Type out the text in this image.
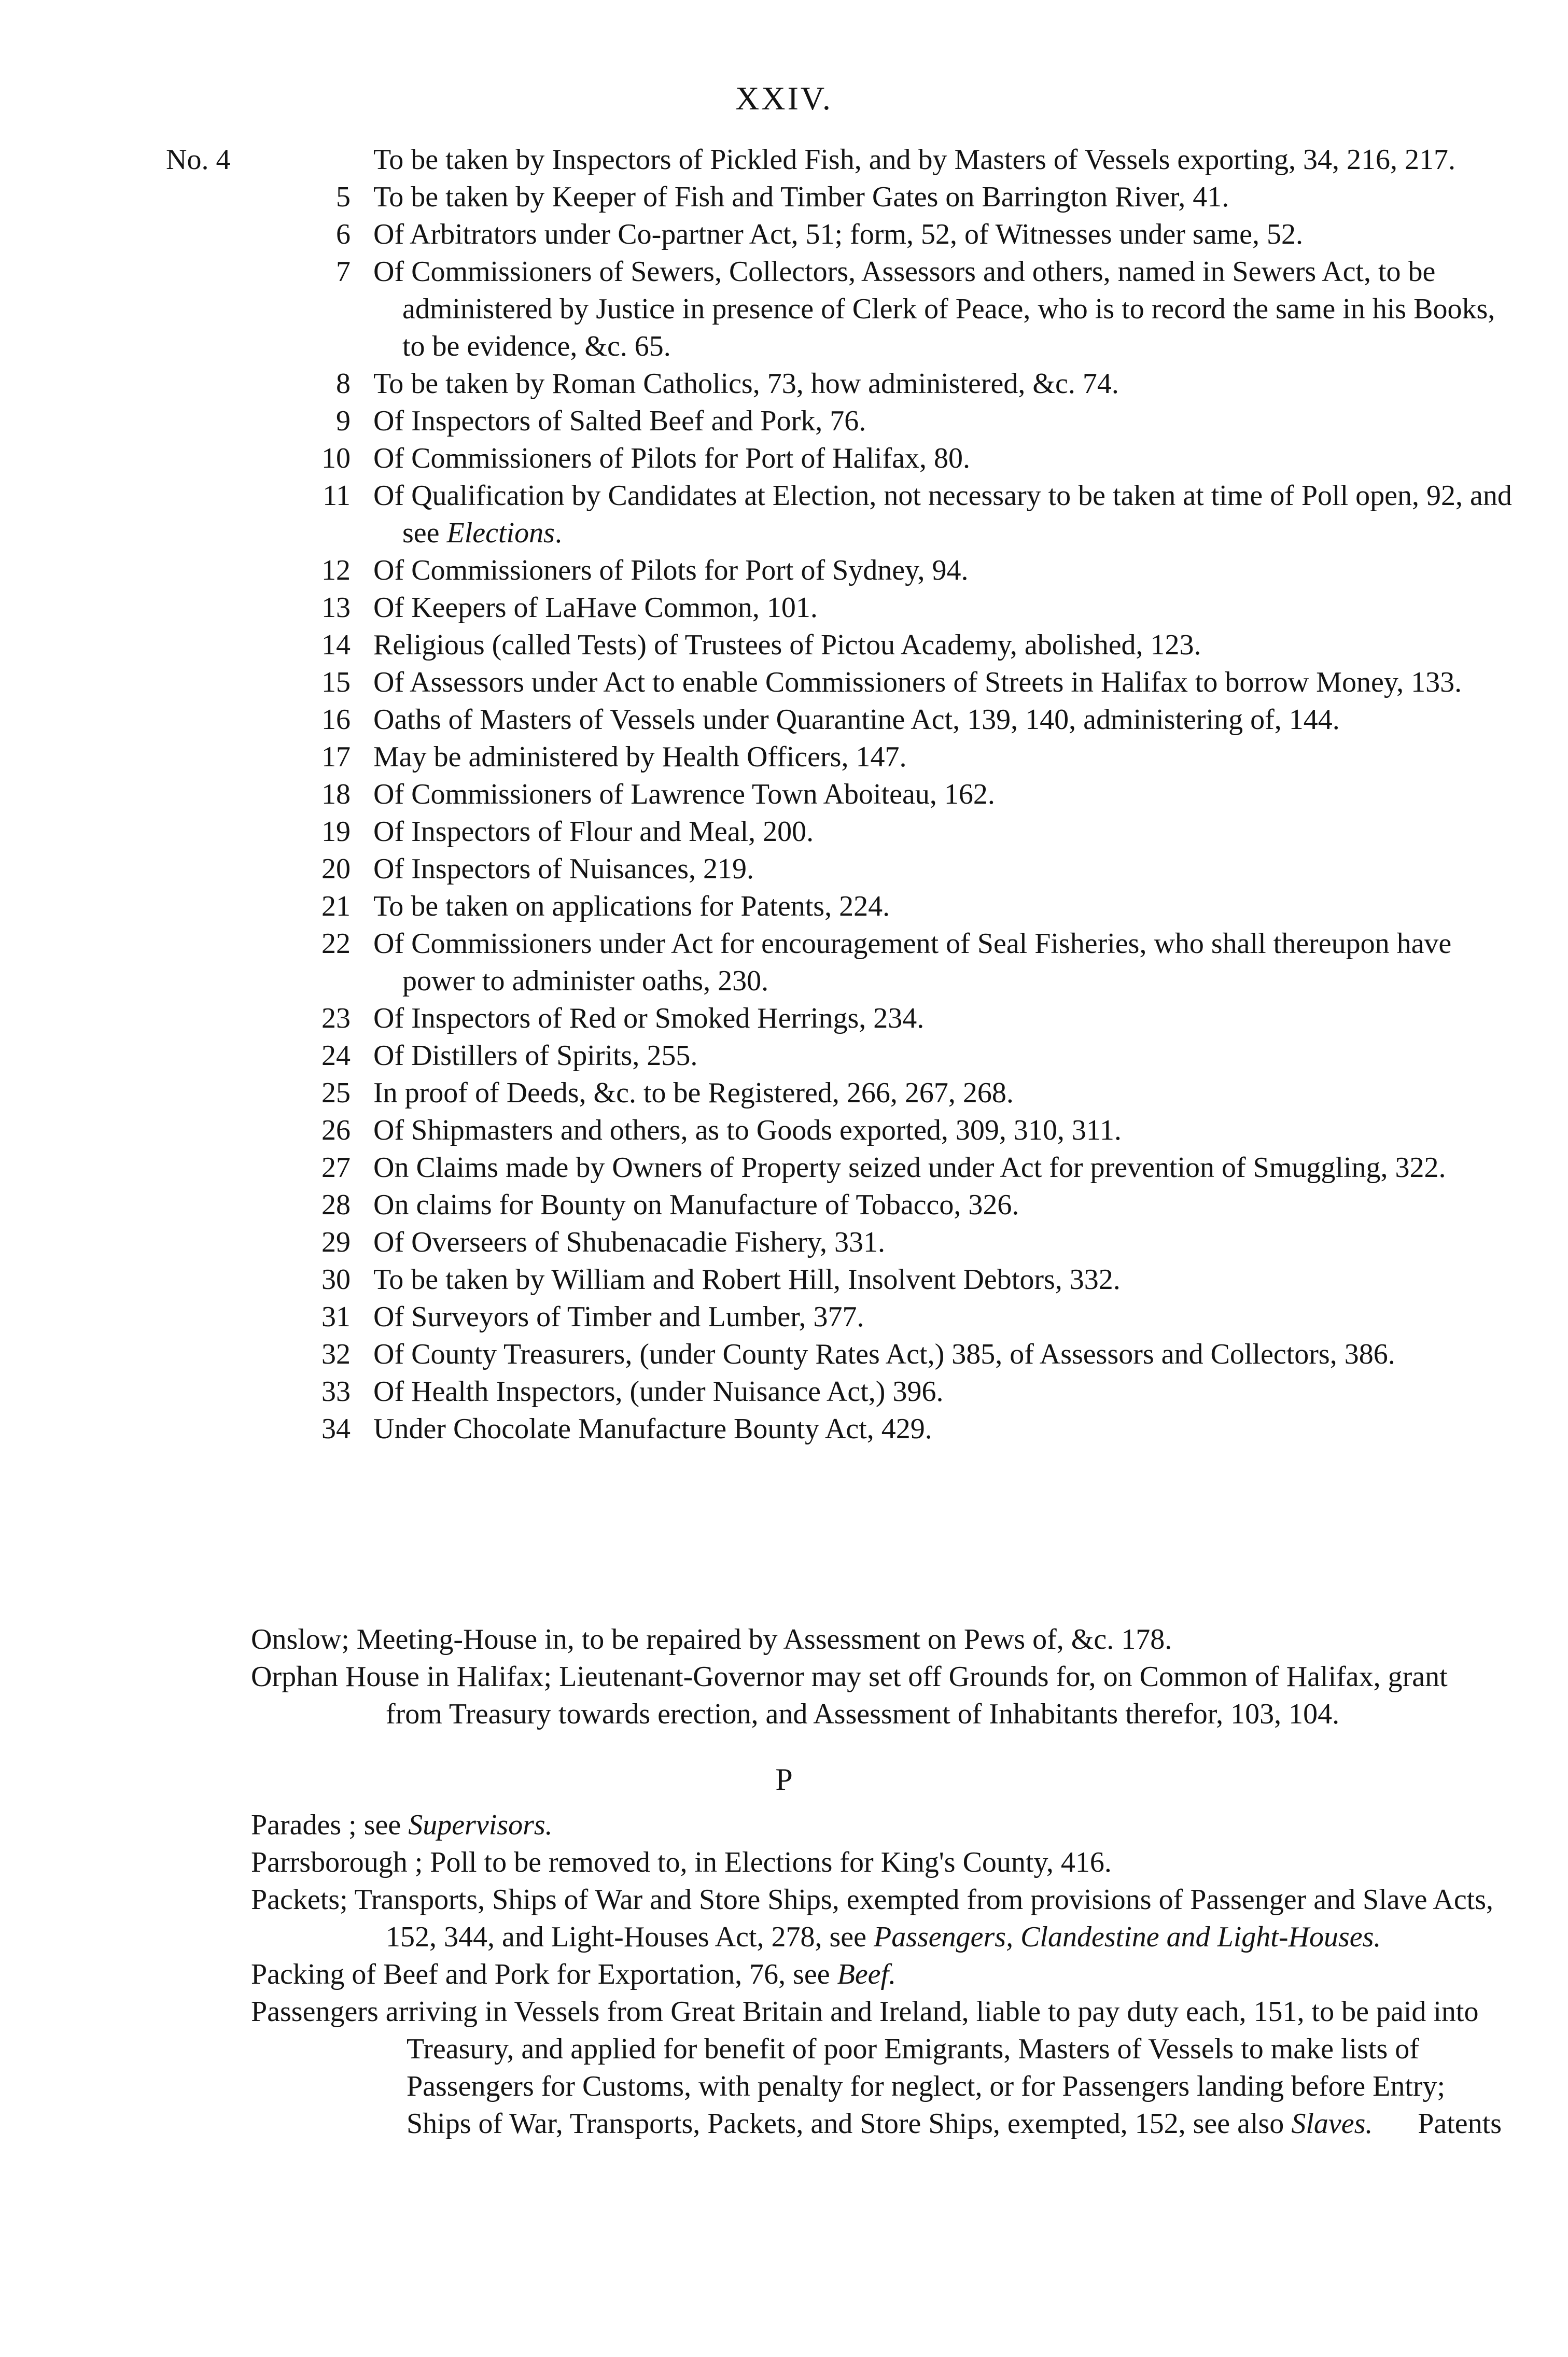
XXIV.
No. 4	To be taken by Inspectors of Pickled Fish, and by Masters of Vessels exporting, 34, 216, 217.
5 To be taken by Keeper of Fish and Timber Gates on Barrington River, 41.
6 Of Arbitrators under Co-partner Act, 51; form, 52, of Witnesses under same, 52.
7 Of Commissioners of Sewers, Collectors, Assessors and others, named in Sewers Act, to be administered by Justice in presence of Clerk of Peace, who is to record the same in his Books, to be evidence, &c. 65.
8 To be taken by Roman Catholics, 73, how administered, &c. 74.
9 Of Inspectors of Salted Beef and Pork, 76.
10 Of Commissioners of Pilots for Port of Halifax, 80.
11 Of Qualification by Candidates at Election, not necessary to be taken at time of Poll open, 92, and see Elections.
12 Of Commissioners of Pilots for Port of Sydney, 94.
13 Of Keepers of LaHave Common, 101.
14 Religious (called Tests) of Trustees of Pictou Academy, abolished, 123.
15 Of Assessors under Act to enable Commissioners of Streets in Halifax to borrow Money, 133.
16 Oaths of Masters of Vessels under Quarantine Act, 139, 140, administering of, 144.
17 May be administered by Health Officers, 147.
18 Of Commissioners of Lawrence Town Aboiteau, 162.
19 Of Inspectors of Flour and Meal, 200.
20 Of Inspectors of Nuisances, 219.
21 To be taken on applications for Patents, 224.
22 Of Commissioners under Act for encouragement of Seal Fisheries, who shall thereupon have power to administer oaths, 230.
23 Of Inspectors of Red or Smoked Herrings, 234.
24 Of Distillers of Spirits, 255.
25 In proof of Deeds, &c. to be Registered, 266, 267, 268.
26 Of Shipmasters and others, as to Goods exported, 309, 310, 311.
27 On Claims made by Owners of Property seized under Act for prevention of Smuggling, 322.
28 On claims for Bounty on Manufacture of Tobacco, 326.
29 Of Overseers of Shubenacadie Fishery, 331.
30 To be taken by William and Robert Hill, Insolvent Debtors, 332.
31 Of Surveyors of Timber and Lumber, 377.
32 Of County Treasurers, (under County Rates Act,) 385, of Assessors and Collectors, 386.
33 Of Health Inspectors, (under Nuisance Act,) 396.
34 Under Chocolate Manufacture Bounty Act, 429.
Onslow; Meeting-House in, to be repaired by Assessment on Pews of, &c. 178.
Orphan House in Halifax; Lieutenant-Governor may set off Grounds for, on Common of Halifax, grant from Treasury towards erection, and Assessment of Inhabitants therefor, 103, 104.
P
Parades ; see Supervisors.
Parrsborough ; Poll to be removed to, in Elections for King's County, 416.
Packets; Transports, Ships of War and Store Ships, exempted from provisions of Passenger and Slave Acts, 152, 344, and Light-Houses Act, 278, see Passengers, Clandestine and Light-Houses.
Packing of Beef and Pork for Exportation, 76, see Beef.
Passengers arriving in Vessels from Great Britain and Ireland, liable to pay duty each, 151, to be paid into Treasury, and applied for benefit of poor Emigrants, Masters of Vessels to make lists of Passengers for Customs, with penalty for neglect, or for Passengers landing before Entry; Ships of War, Transports, Packets, and Store Ships, exempted, 152, see also Slaves. Patents
